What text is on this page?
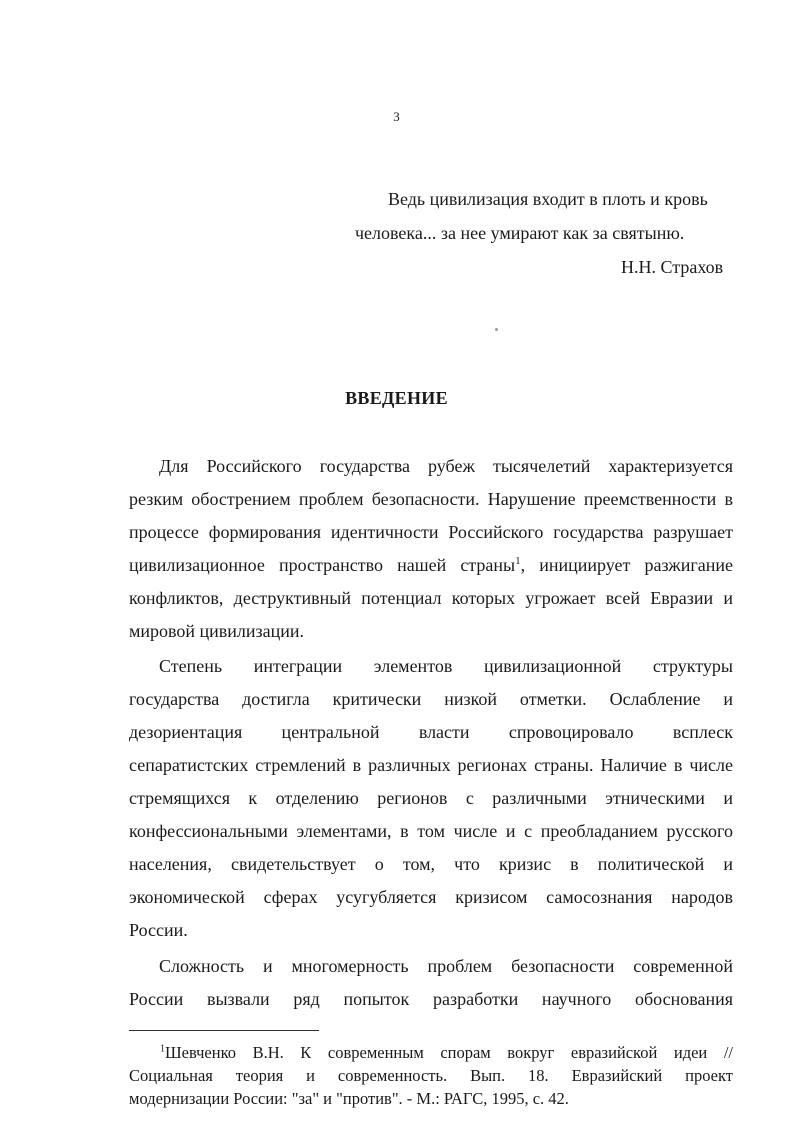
3
Ведь цивилизация входит в плоть и кровь
человека... за нее умирают как за святыню.
Н.Н. Страхов
ВВЕДЕНИЕ
Для Российского государства рубеж тысячелетий характеризуется
резким обострением проблем безопасности. Нарушение преемственности в
процессе формирования идентичности Российского государства разрушает
цивилизационное пространство нашей страны$^1$, инициирует разжигание
конфликтов, деструктивный потенциал которых угрожает всей Евразии и
мировой цивилизации.
Степень интеграции элементов цивилизационной структуры
государства достигла критически низкой отметки. Ослабление и
дезориентация центральной власти спровоцировало всплеск
сепаратистских стремлений в различных регионах страны. Наличие в числе
стремящихся к отделению регионов с различными этническими и
конфессиональными элементами, в том числе и с преобладанием русского
населения, свидетельствует о том, что кризис в политической и
экономической сферах усугубляется кризисом самосознания народов
России.
Сложность и многомерность проблем безопасности современной
России вызвали ряд попыток разработки научного обоснования
$^1$Шевченко В.Н. К современным спорам вокруг евразийской идеи //
Социальная теория и современность. Вып. 18. Евразийский проект
модернизации России: "за" и "против". - М.: РАГС, 1995, с. 42.
